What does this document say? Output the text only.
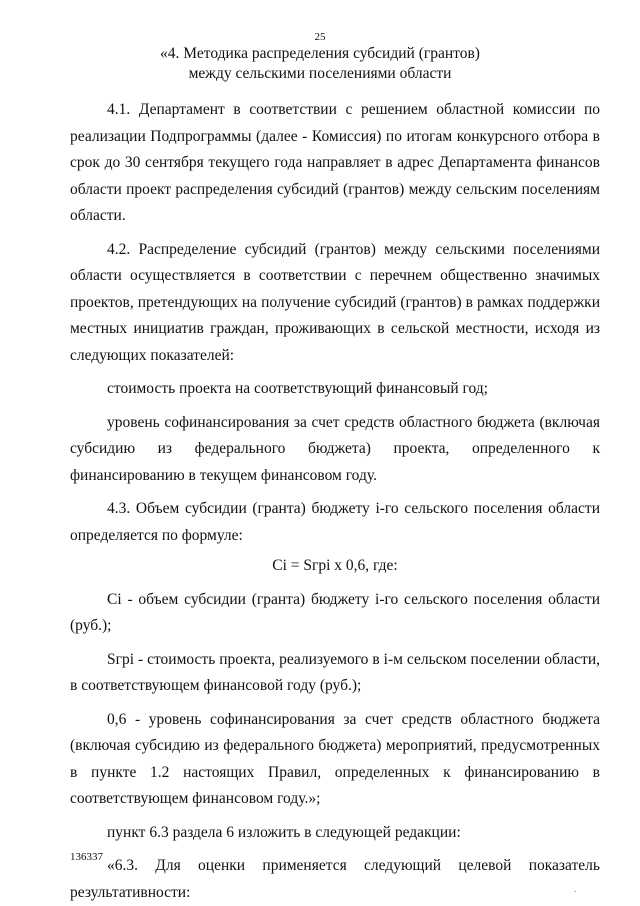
25
«4. Методика распределения субсидий (грантов)
между сельскими поселениями области

4.1. Департамент в соответствии с решением областной комиссии по реализации Подпрограммы (далее - Комиссия) по итогам конкурсного отбора в срок до 30 сентября текущего года направляет в адрес Департамента финансов области проект распределения субсидий (грантов) между сельским поселениям области.

4.2. Распределение субсидий (грантов) между сельскими поселениями области осуществляется в соответствии с перечнем общественно значимых проектов, претендующих на получение субсидий (грантов) в рамках поддержки местных инициатив граждан, проживающих в сельской местности, исходя из следующих показателей:

стоимость проекта на соответствующий финансовый год;

уровень софинансирования за счет средств областного бюджета (включая субсидию из федерального бюджета) проекта, определенного к финансированию в текущем финансовом году.

4.3. Объем субсидии (гранта) бюджету i-го сельского поселения области определяется по формуле:

Ci = Sгpi x 0,6, где:

Ci - объем субсидии (гранта) бюджету i-го сельского поселения области (руб.);

Sгpi - стоимость проекта, реализуемого в i-м сельском поселении области, в соответствующем финансовой году (руб.);

0,6 - уровень софинансирования за счет средств областного бюджета (включая субсидию из федерального бюджета) мероприятий, предусмотренных в пункте 1.2 настоящих Правил, определенных к финансированию в соответствующем финансовом году.»;

пункт 6.3 раздела 6 изложить в следующей редакции:

«6.3. Для оценки применяется следующий целевой показатель результативности:

136337
.
